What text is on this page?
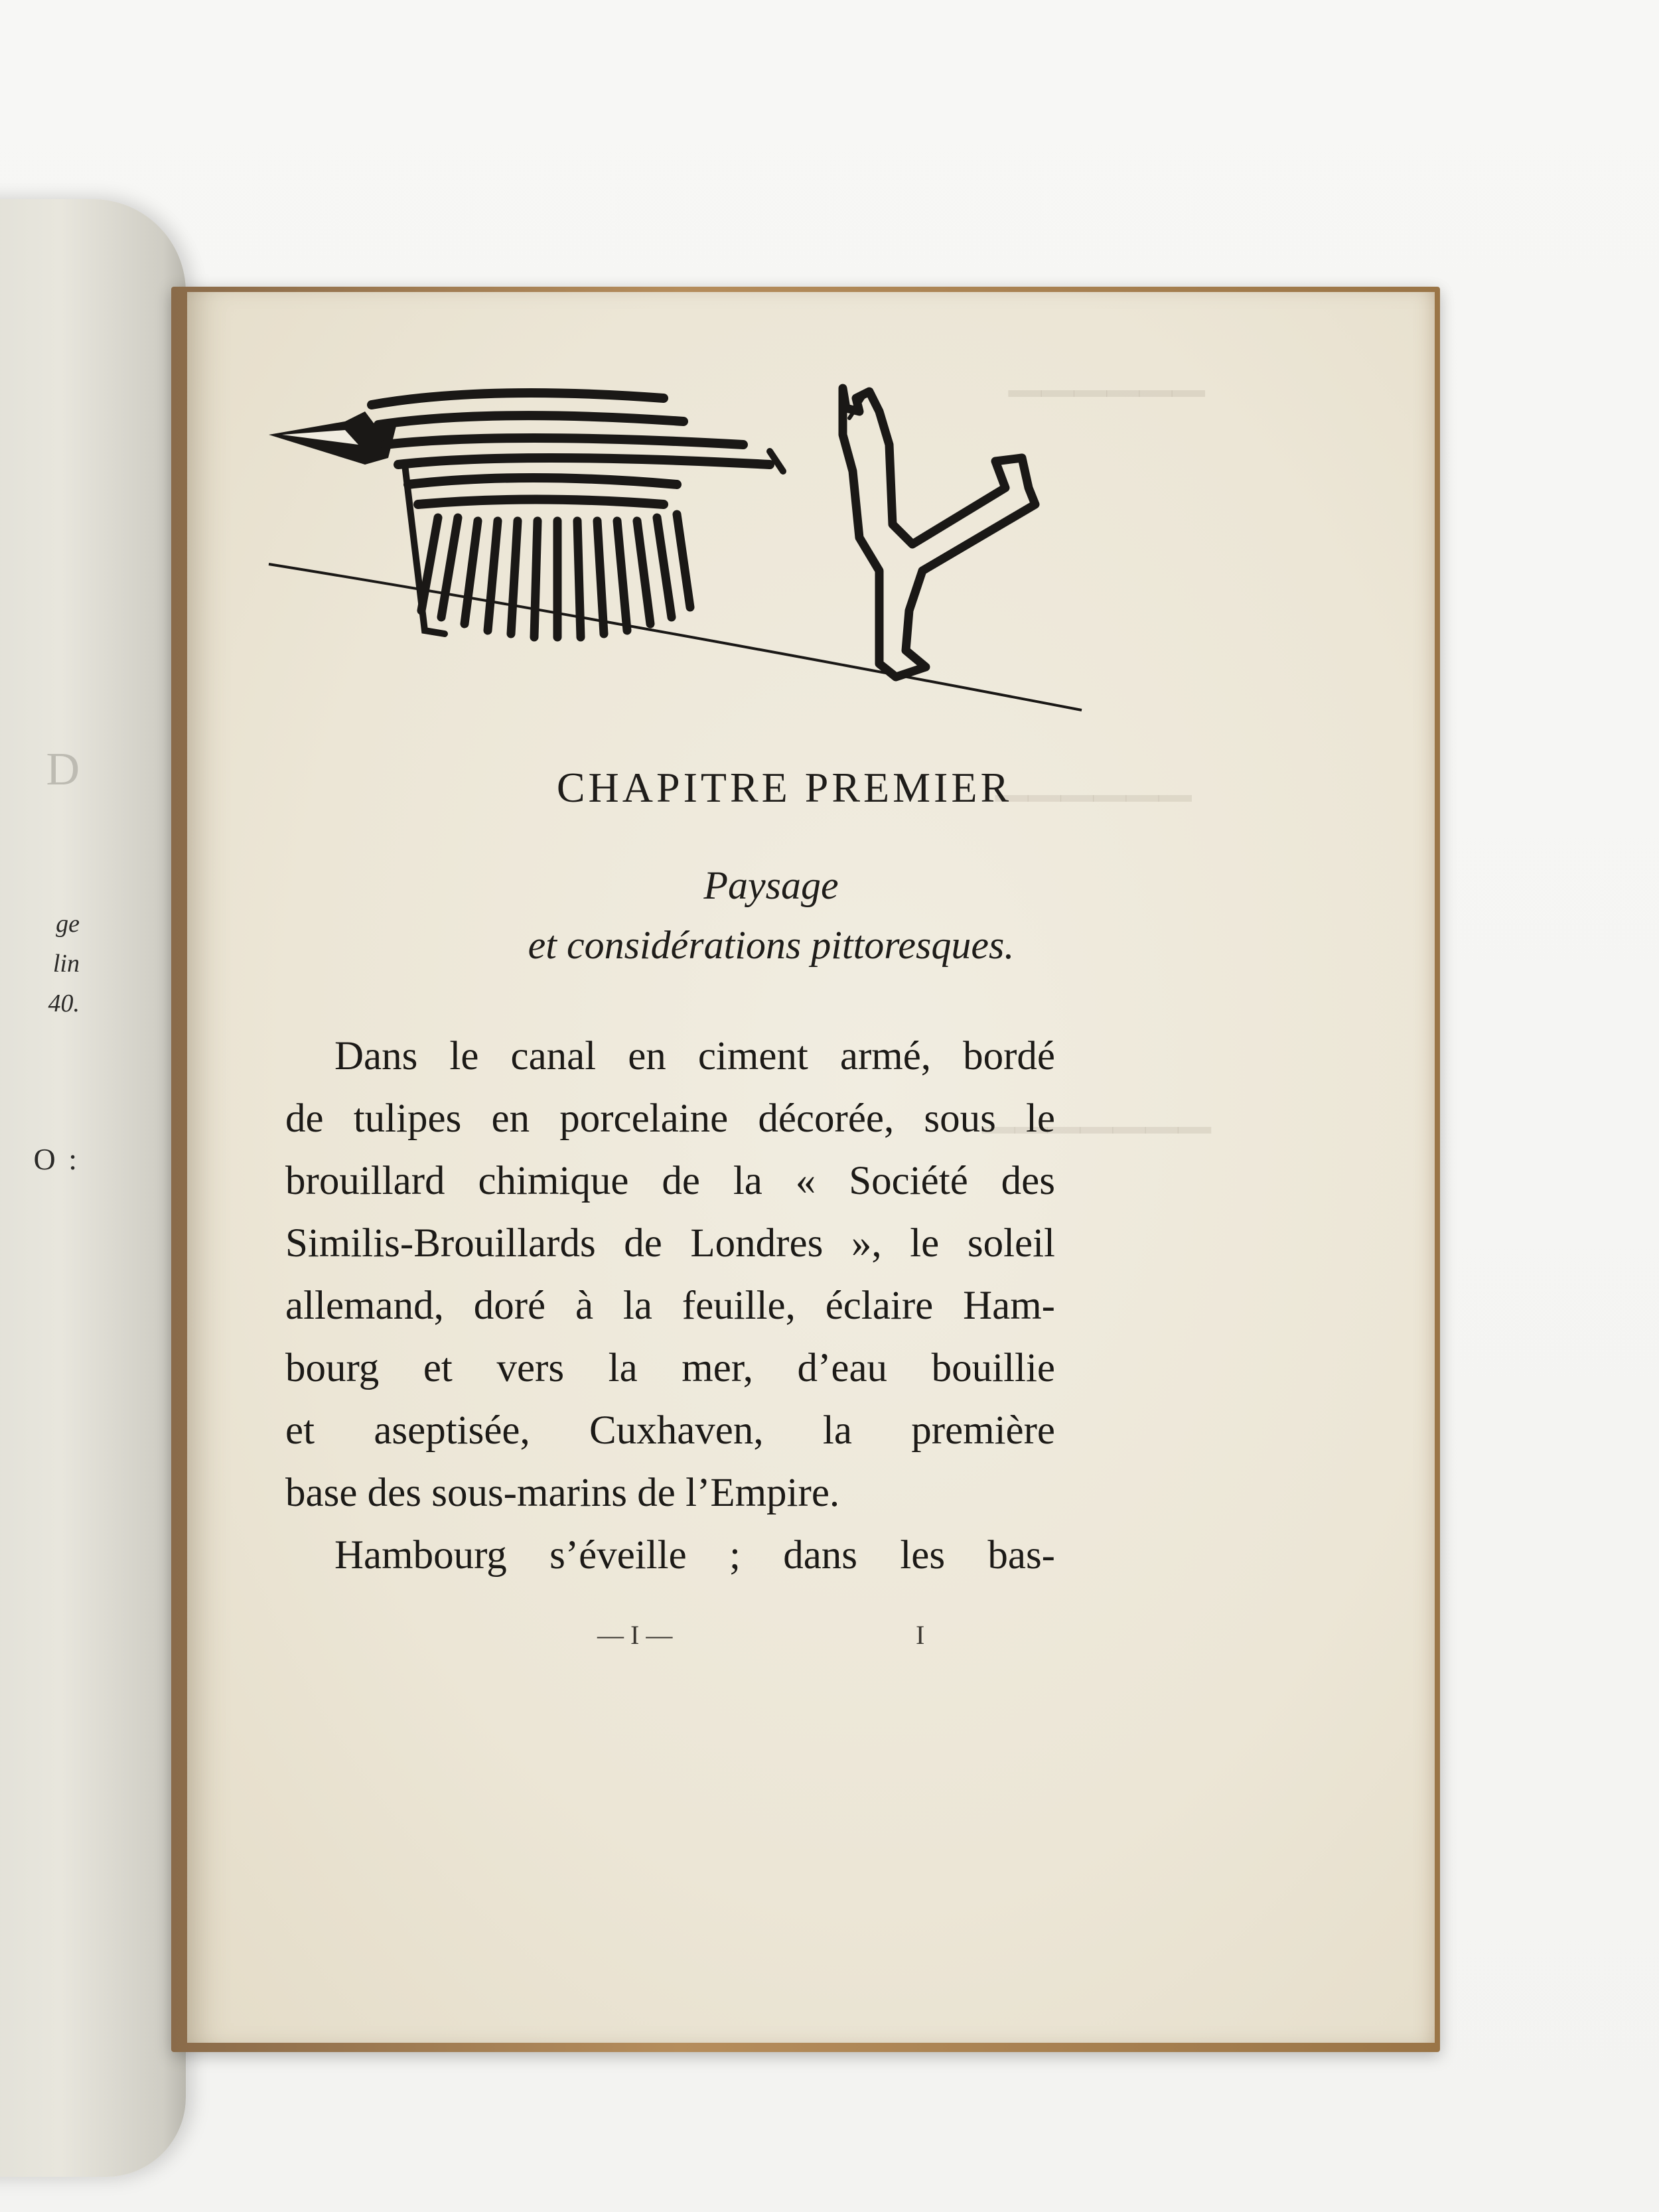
D
ge
lin
40.
O :
▔▔▔▔▔▔
▔▔▔▔▔▔
▔▔▔▔▔▔▔
CHAPITRE PREMIER
Paysage
et considérations pittoresques.
Dans le canal en ciment armé, bordé
de tulipes en porcelaine décorée, sous le
brouillard chimique de la « Société des
Similis-Brouillards de Londres », le soleil
allemand, doré à la feuille, éclaire Ham-
bourg et vers la mer, d’eau bouillie
et aseptisée, Cuxhaven, la première
base des sous-marins de l’Empire.
Hambourg s’éveille ; dans les bas-
— I —	I
